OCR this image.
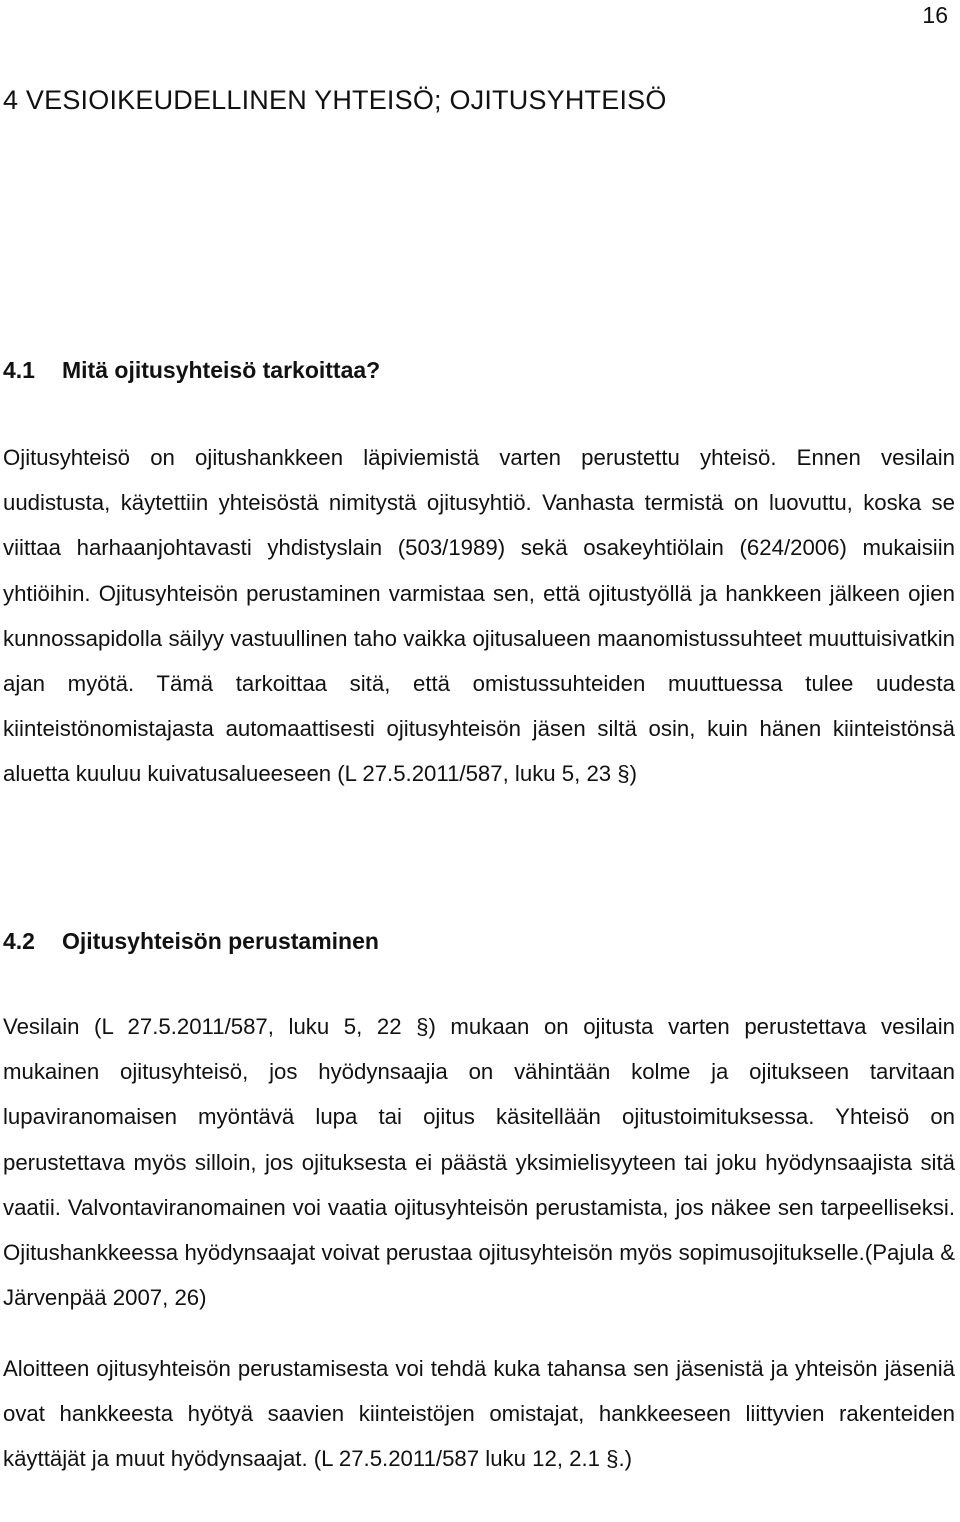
16
4 VESIOIKEUDELLINEN YHTEISÖ; OJITUSYHTEISÖ
4.1 Mitä ojitusyhteisö tarkoittaa?

Ojitusyhteisö on ojitushankkeen läpiviemistä varten perustettu yhteisö. Ennen vesilain uudistusta, käytettiin yhteisöstä nimitystä ojitusyhtiö. Vanhasta termistä on luovuttu, koska se viittaa harhaanjohtavasti yhdistyslain (503/1989) sekä osakeyhtiölain (624/2006) mukaisiin yhtiöihin. Ojitusyhteisön perustaminen varmistaa sen, että ojitustyöllä ja hankkeen jälkeen ojien kunnossapidolla säilyy vastuullinen taho vaikka ojitusalueen maanomistussuhteet muuttuisivatkin ajan myötä. Tämä tarkoittaa sitä, että omistussuhteiden muuttuessa tulee uudesta kiinteistönomistajasta automaattisesti ojitusyhteisön jäsen siltä osin, kuin hänen kiinteistönsä aluetta kuuluu kuivatusalueeseen (L 27.5.2011/587, luku 5, 23 §)

4.2 Ojitusyhteisön perustaminen

Vesilain (L 27.5.2011/587, luku 5, 22 §) mukaan on ojitusta varten perustettava vesilain mukainen ojitusyhteisö, jos hyödynsaajia on vähintään kolme ja ojitukseen tarvitaan lupaviranomaisen myöntävä lupa tai ojitus käsitellään ojitustoimituksessa. Yhteisö on perustettava myös silloin, jos ojituksesta ei päästä yksimielisyyteen tai joku hyödynsaajista sitä vaatii. Valvontaviranomainen voi vaatia ojitusyhteisön perustamista, jos näkee sen tarpeelliseksi. Ojitushankkeessa hyödynsaajat voivat perustaa ojitusyhteisön myös sopimusojitukselle.(Pajula & Järvenpää 2007, 26)

Aloitteen ojitusyhteisön perustamisesta voi tehdä kuka tahansa sen jäsenistä ja yhteisön jäseniä ovat hankkeesta hyötyä saavien kiinteistöjen omistajat, hankkeeseen liittyvien rakenteiden käyttäjät ja muut hyödynsaajat. (L 27.5.2011/587 luku 12, 2.1 §.)
